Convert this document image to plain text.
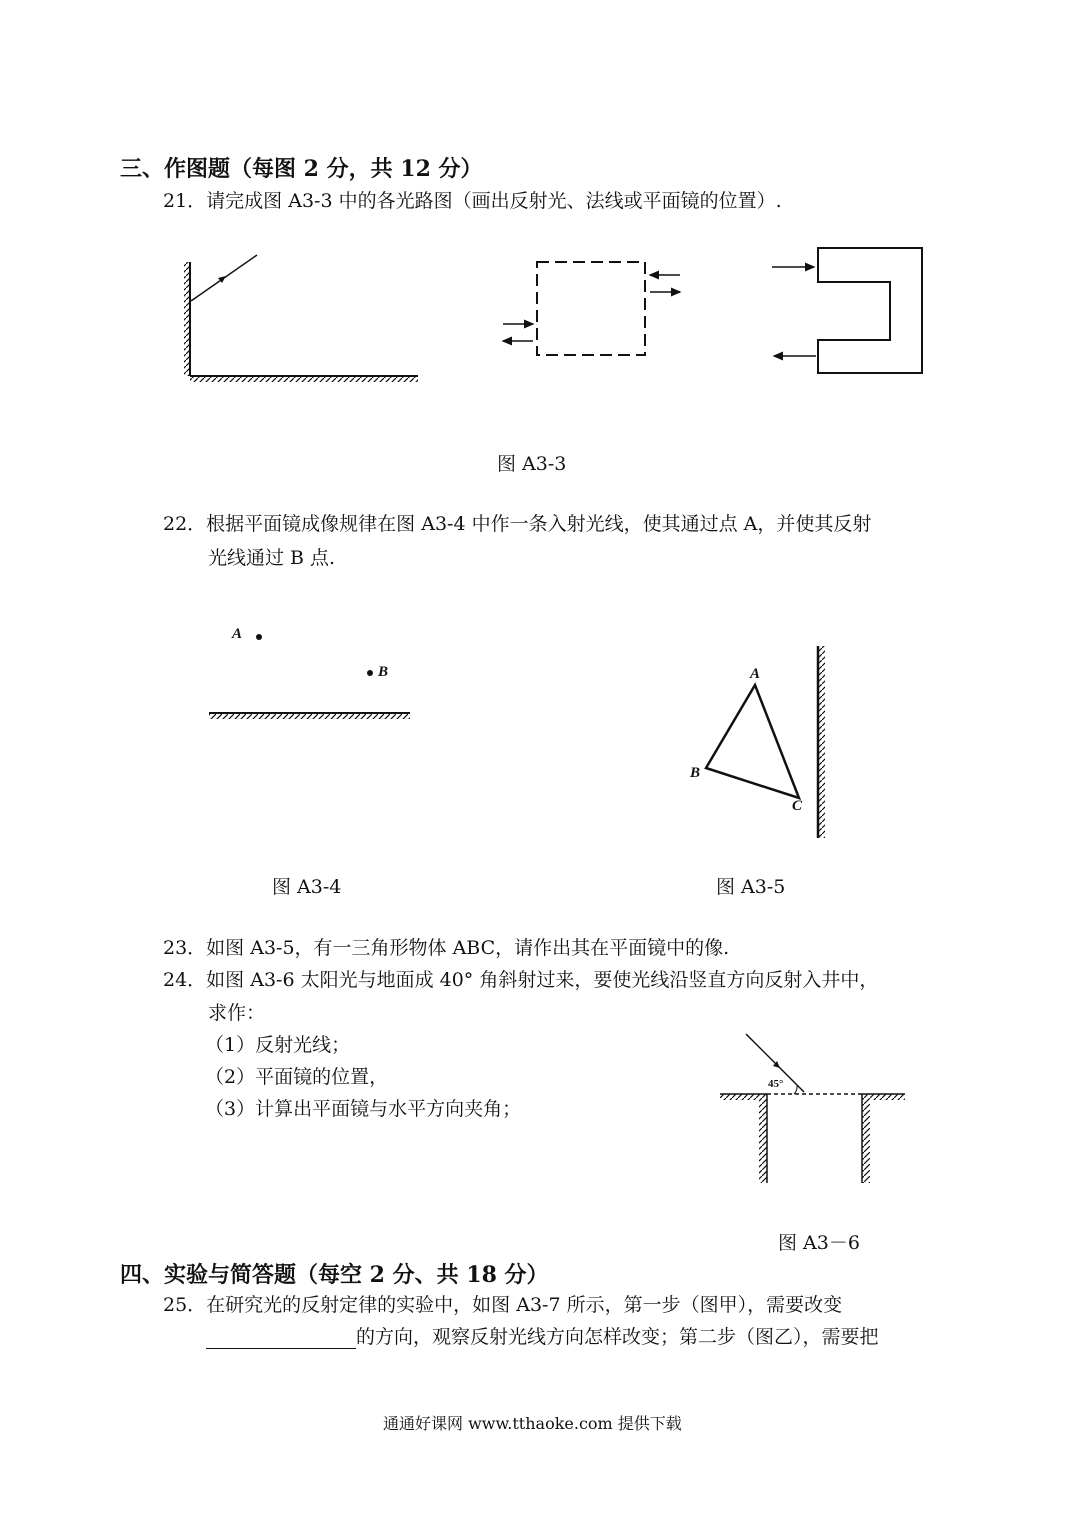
三、作图题（每图 2 分，共 12 分）
21．请完成图 A3-3 中的各光路图（画出反射光、法线或平面镜的位置）.
图 A3-3
22．根据平面镜成像规律在图 A3-4 中作一条入射光线，使其通过点 A，并使其反射
光线通过 B 点.
A
B	A
B
C
图 A3-4	图 A3-5
23．如图 A3-5，有一三角形物体 ABC，请作出其在平面镜中的像.
24．如图 A3-6 太阳光与地面成 40° 角斜射过来，要使光线沿竖直方向反射入井中，
求作：
（1）反射光线；
（2）平面镜的位置，
（3）计算出平面镜与水平方向夹角；
45°
图 A3－6
四、实验与简答题（每空 2 分、共 18 分）
25．在研究光的反射定律的实验中，如图 A3-7 所示，第一步（图甲），需要改变
的方向，观察反射光线方向怎样改变；第二步（图乙），需要把
通通好课网 www.tthaoke.com 提供下载
